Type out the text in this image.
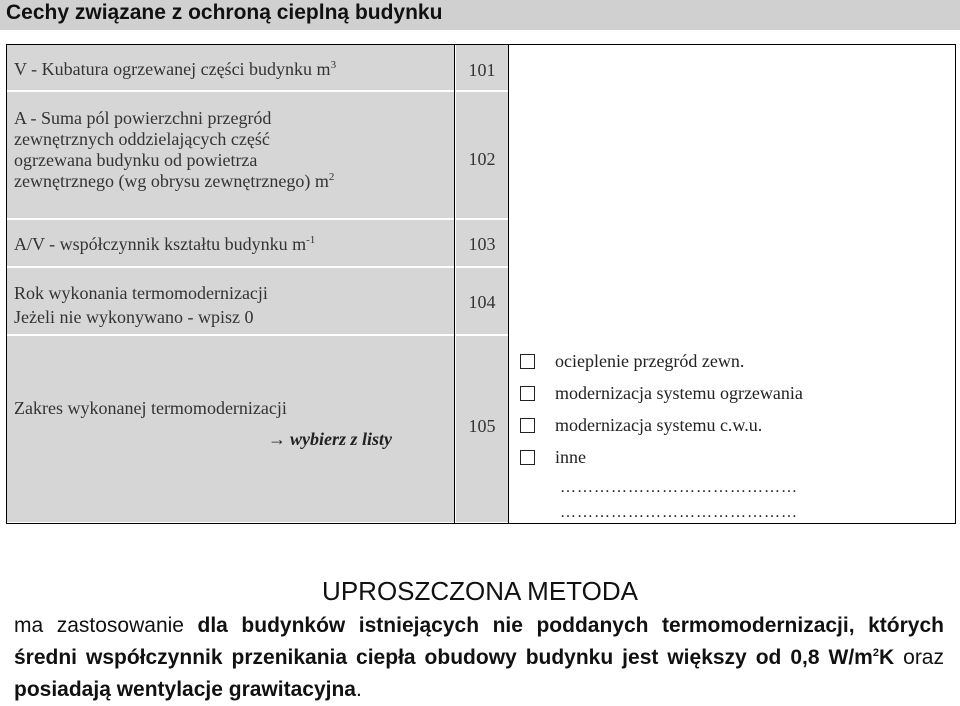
Cechy związane z ochroną cieplną budynku
V - Kubatura ogrzewanej części budynku $m^3$	101
A - Suma pól powierzchni przegród
zewnętrznych oddzielających część
ogrzewana budynku od powietrza
zewnętrznego (wg obrysu zewnętrznego) $m^2$
102
A/V - współczynnik kształtu budynku $m^{-1}$	103
Rok wykonania termomodernizacji
Jeżeli nie wykonywano - wpisz 0
104
Zakres wykonanej termomodernizacji
→ wybierz z listy
105
ocieplenie przegród zewn.
modernizacja systemu ogrzewania
modernizacja systemu c.w.u.
inne
……………………………………
……………………………………
UPROSZCZONA METODA
ma zastosowanie dla budynków istniejących nie poddanych termomodernizacji, których średni współczynnik przenikania ciepła obudowy budynku jest większy od 0,8 $W/m^2K$ oraz posiadają wentylacje grawitacyjna.
